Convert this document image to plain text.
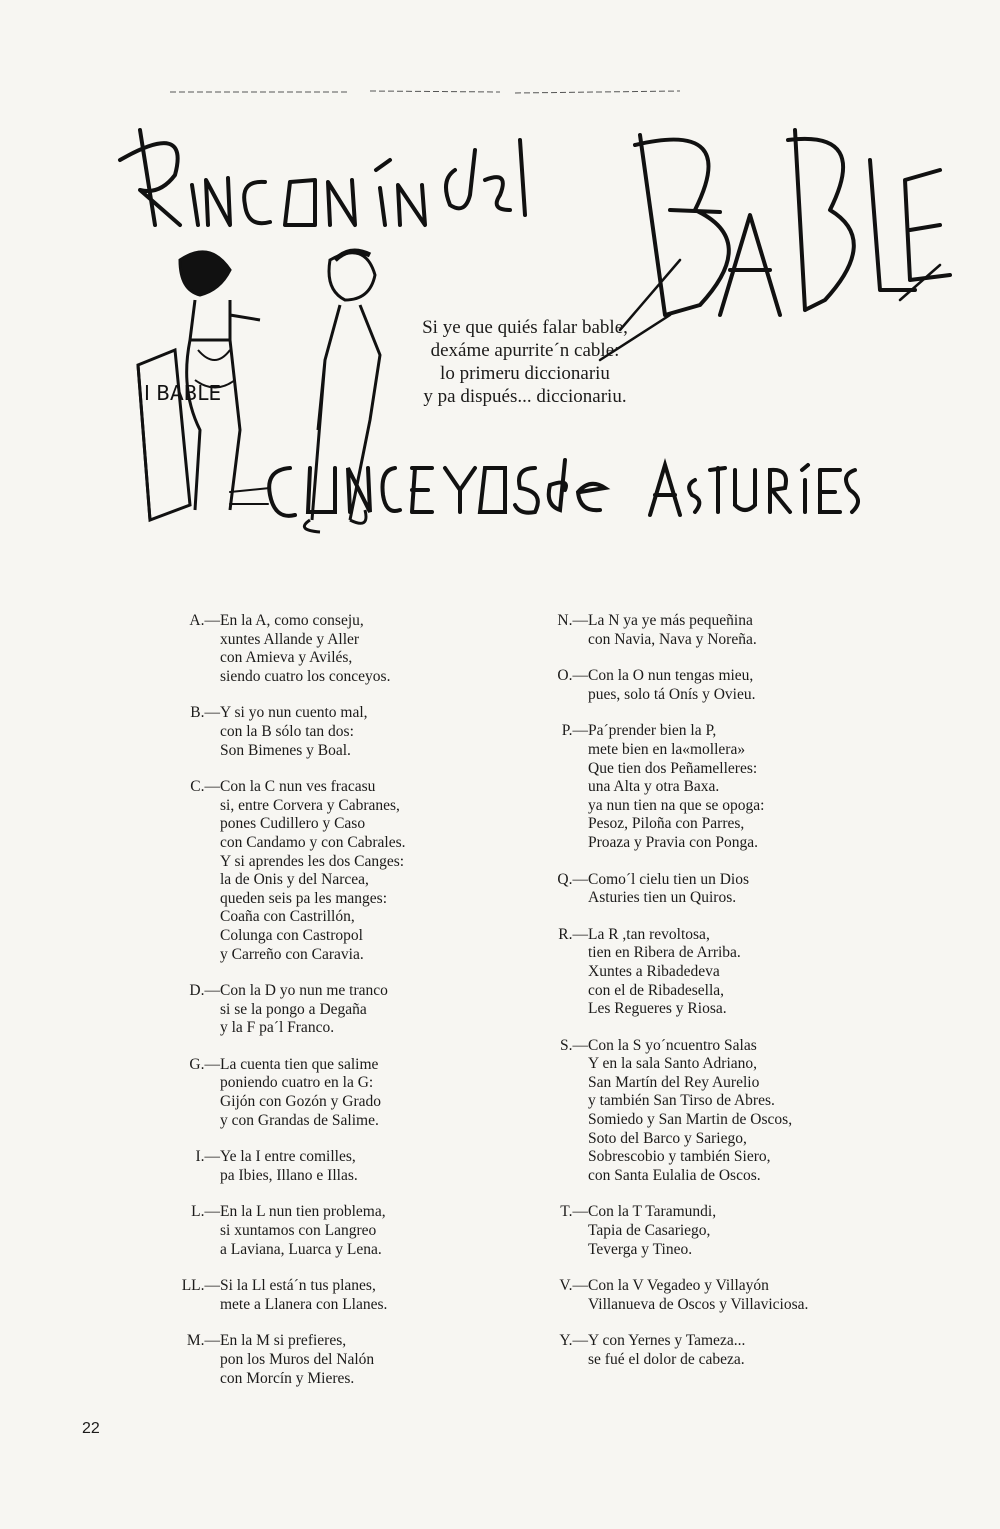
I BABLE
Si ye que quiés falar bable,
dexáme apurrite´n cable:
lo primeru diccionariu
y pa dispués... diccionariu.
A.— En la A, como conseju,
xuntes Allande y Aller
con Amieva y Avilés,
siendo cuatro los conceyos.
B.— Y si yo nun cuento mal,
con la B sólo tan dos:
Son Bimenes y Boal.
C.— Con la C nun ves fracasu
si, entre Corvera y Cabranes,
pones Cudillero y Caso
con Candamo y con Cabrales.
Y si aprendes les dos Canges:
la de Onis y del Narcea,
queden seis pa les manges:
Coaña con Castrillón,
Colunga con Castropol
y Carreño con Caravia.
D.— Con la D yo nun me tranco
si se la pongo a Degaña
y la F pa´l Franco.
G.— La cuenta tien que salime
poniendo cuatro en la G:
Gijón con Gozón y Grado
y con Grandas de Salime.
I.— Ye la I entre comilles,
pa Ibies, Illano e Illas.
L.— En la L nun tien problema,
si xuntamos con Langreo
a Laviana, Luarca y Lena.
LL.— Si la Ll está´n tus planes,
mete a Llanera con Llanes.
M.— En la M si prefieres,
pon los Muros del Nalón
con Morcín y Mieres.
N.— La N ya ye más pequeñina
con Navia, Nava y Noreña.
O.— Con la O nun tengas mieu,
pues, solo tá Onís y Ovieu.
P.— Pa´prender bien la P,
mete bien en la«mollera»
Que tien dos Peñamelleres:
una Alta y otra Baxa.
ya nun tien na que se opoga:
Pesoz, Piloña con Parres,
Proaza y Pravia con Ponga.
Q.— Como´l cielu tien un Dios
Asturies tien un Quiros.
R.— La R ,tan revoltosa,
tien en Ribera de Arriba.
Xuntes a Ribadedeva
con el de Ribadesella,
Les Regueres y Riosa.
S.— Con la S yo´ncuentro Salas
Y en la sala Santo Adriano,
San Martín del Rey Aurelio
y también San Tirso de Abres.
Somiedo y San Martin de Oscos,
Soto del Barco y Sariego,
Sobrescobio y también Siero,
con Santa Eulalia de Oscos.
T.— Con la T Taramundi,
Tapia de Casariego,
Teverga y Tineo.
V.— Con la V Vegadeo y Villayón
Villanueva de Oscos y Villaviciosa.
Y.— Y con Yernes y Tameza...
se fué el dolor de cabeza.
22
